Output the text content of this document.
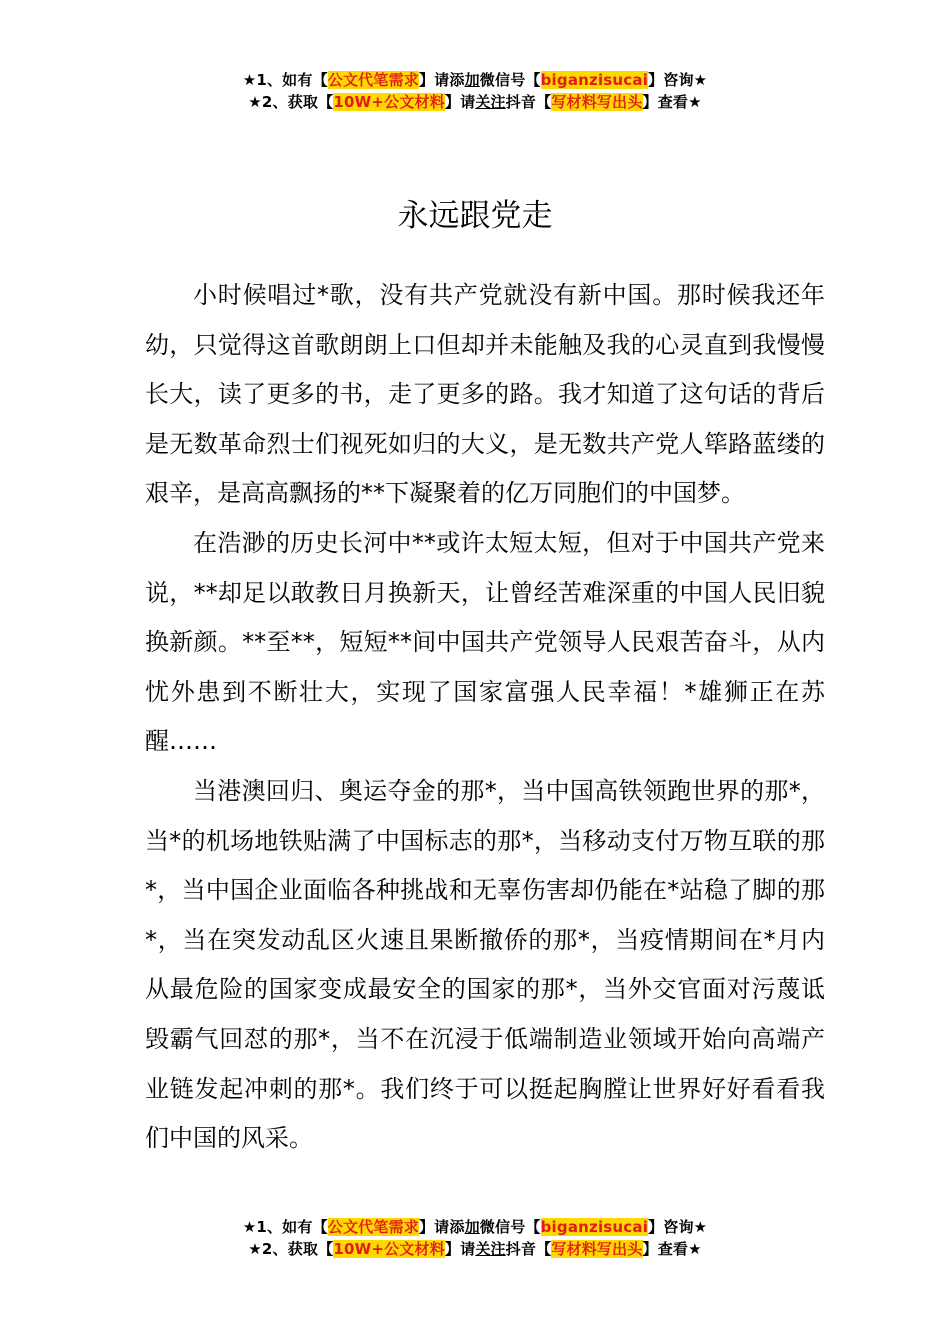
★1、如有【公文代笔需求】请添加微信号【biganzisucai】咨询★
★2、获取【10W+公文材料】请关注抖音【写材料写出头】查看★
永远跟党走

小时候唱过*歌，没有共产党就没有新中国。那时候我还年幼，只觉得这首歌朗朗上口但却并未能触及我的心灵直到我慢慢长大，读了更多的书，走了更多的路。我才知道了这句话的背后是无数革命烈士们视死如归的大义，是无数共产党人筚路蓝缕的艰辛，是高高飘扬的**下凝聚着的亿万同胞们的中国梦。

在浩渺的历史长河中**或许太短太短，但对于中国共产党来说，**却足以敢教日月换新天，让曾经苦难深重的中国人民旧貌换新颜。**至**，短短**间中国共产党领导人民艰苦奋斗，从内忧外患到不断壮大，实现了国家富强人民幸福！*雄狮正在苏醒……

当港澳回归、奥运夺金的那*，当中国高铁领跑世界的那*，当*的机场地铁贴满了中国标志的那*，当移动支付万物互联的那*，当中国企业面临各种挑战和无辜伤害却仍能在*站稳了脚的那*，当在突发动乱区火速且果断撤侨的那*，当疫情期间在*月内从最危险的国家变成最安全的国家的那*，当外交官面对污蔑诋毁霸气回怼的那*，当不在沉浸于低端制造业领域开始向高端产业链发起冲刺的那*。我们终于可以挺起胸膛让世界好好看看我们中国的风采。

★1、如有【公文代笔需求】请添加微信号【biganzisucai】咨询★
★2、获取【10W+公文材料】请关注抖音【写材料写出头】查看★
